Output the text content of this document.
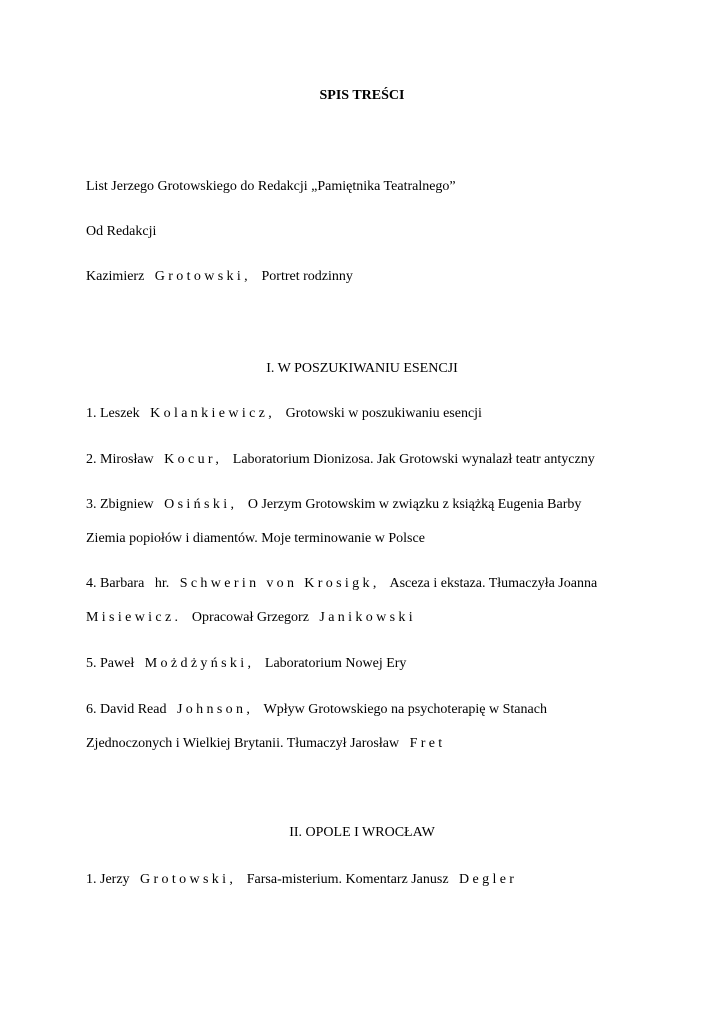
SPIS TREŚCI

List Jerzego Grotowskiego do Redakcji „Pamiętnika Teatralnego”

Od Redakcji

Kazimierz Grotowski, Portret rodzinny

I. W POSZUKIWANIU ESENCJI

1. Leszek Kolankiewicz, Grotowski w poszukiwaniu esencji

2. Mirosław Kocur, Laboratorium Dionizosa. Jak Grotowski wynalazł teatr antyczny

3. Zbigniew Osiński, O Jerzym Grotowskim w związku z książką Eugenia Barby

Ziemia popiołów i diamentów. Moje terminowanie w Polsce

4. Barbara hr. Schwerin von Krosigk, Asceza i ekstaza. Tłumaczyła Joanna

Misiewicz. Opracował Grzegorz Janikowski

5. Paweł Możdżyński, Laboratorium Nowej Ery

6. David Read Johnson, Wpływ Grotowskiego na psychoterapię w Stanach

Zjednoczonych i Wielkiej Brytanii. Tłumaczył Jarosław Fret

II. OPOLE I WROCŁAW

1. Jerzy Grotowski, Farsa-misterium. Komentarz Janusz Degler
